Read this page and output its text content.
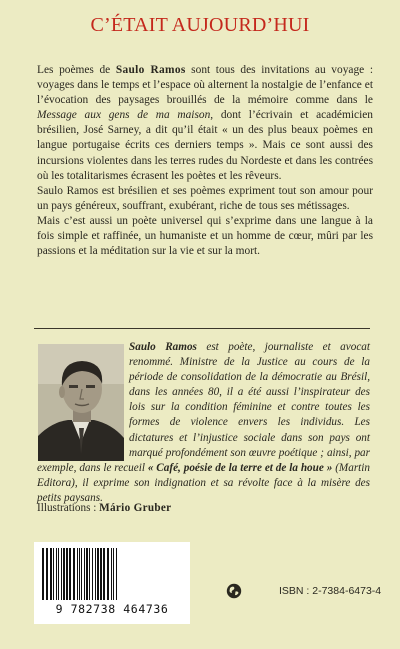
C’ÉTAIT AUJOURD’HUI

Les poèmes de Saulo Ramos sont tous des invitations au voyage : voyages dans le temps et l’espace où alternent la nostalgie de l’enfance et l’évocation des paysages brouillés de la mémoire comme dans le Message aux gens de ma maison, dont l’écrivain et académicien brésilien, José Sarney, a dit qu’il était « un des plus beaux poèmes en langue portugaise écrits ces derniers temps ». Mais ce sont aussi des incursions violentes dans les terres rudes du Nordeste et dans les contrées où les totalitarismes écrasent les poètes et les rêveurs.

Saulo Ramos est brésilien et ses poèmes expriment tout son amour pour un pays généreux, souffrant, exubérant, riche de tous ses métissages.

Mais c’est aussi un poète universel qui s’exprime dans une langue à la fois simple et raffinée, un humaniste et un homme de cœur, mûri par les passions et la méditation sur la vie et sur la mort.

Saulo Ramos est poète, journaliste et avocat renommé. Ministre de la Justice au cours de la période de consolidation de la démocratie au Brésil, dans les années 80, il a été aussi l’inspirateur des lois sur la condition féminine et contre toutes les formes de violence envers les individus. Les dictatures et l’injustice sociale dans son pays ont marqué profondément son œuvre poétique ; ainsi, par exemple, dans le recueil « Café, poésie de la terre et de la houe » (Martin Editora), il exprime son indignation et sa révolte face à la misère des petits paysans.
Illustrations : Mário Gruber
9 782738 464736
ISBN : 2-7384-6473-4
